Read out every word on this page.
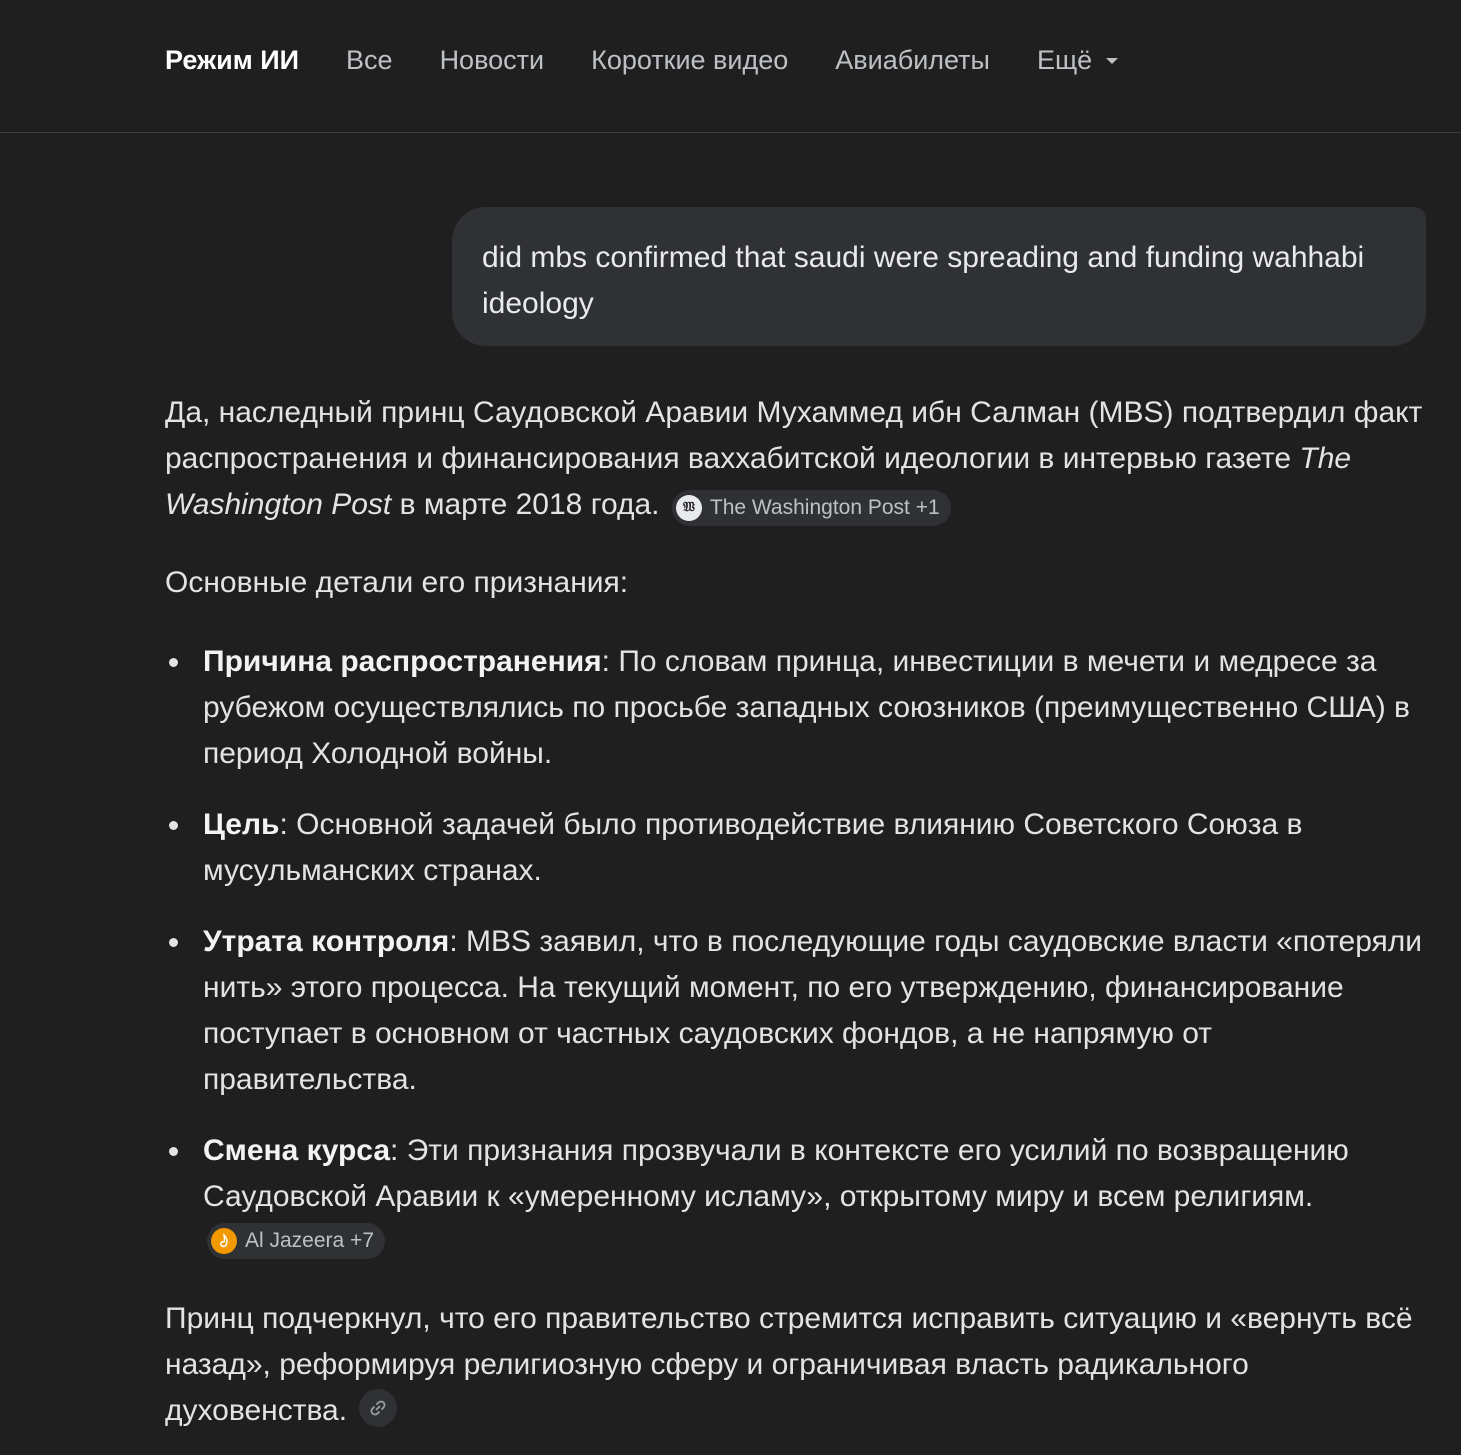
Режим ИИ Все Новости Короткие видео Авиабилеты Ещё
did mbs confirmed that saudi were spreading and funding wahhabi ideology

Да, наследный принц Саудовской Аравии Мухаммед ибн Салман (MBS) подтвердил факт распространения и финансирования ваххабитской идеологии в интервью газете The Washington Post в марте 2018 года.	𝔚 The Washington Post +1

Основные детали его признания:

Причина распространения: По словам принца, инвестиции в мечети и медресе за рубежом осуществлялись по просьбе западных союзников (преимущественно США) в период Холодной войны.
Цель: Основной задачей было противодействие влиянию Советского Союза в мусульманских странах.
Утрата контроля: MBS заявил, что в последующие годы саудовские власти «потеряли нить» этого процесса. На текущий момент, по его утверждению, финансирование поступает в основном от частных саудовских фондов, а не напрямую от правительства.
Смена курса: Эти признания прозвучали в контексте его усилий по возвращению Саудовской Аравии к «умеренному исламу», открытому миру и всем религиям.
Al Jazeera +7

Принц подчеркнул, что его правительство стремится исправить ситуацию и «вернуть всё назад», реформируя религиозную сферу и ограничивая власть радикального духовенства.
